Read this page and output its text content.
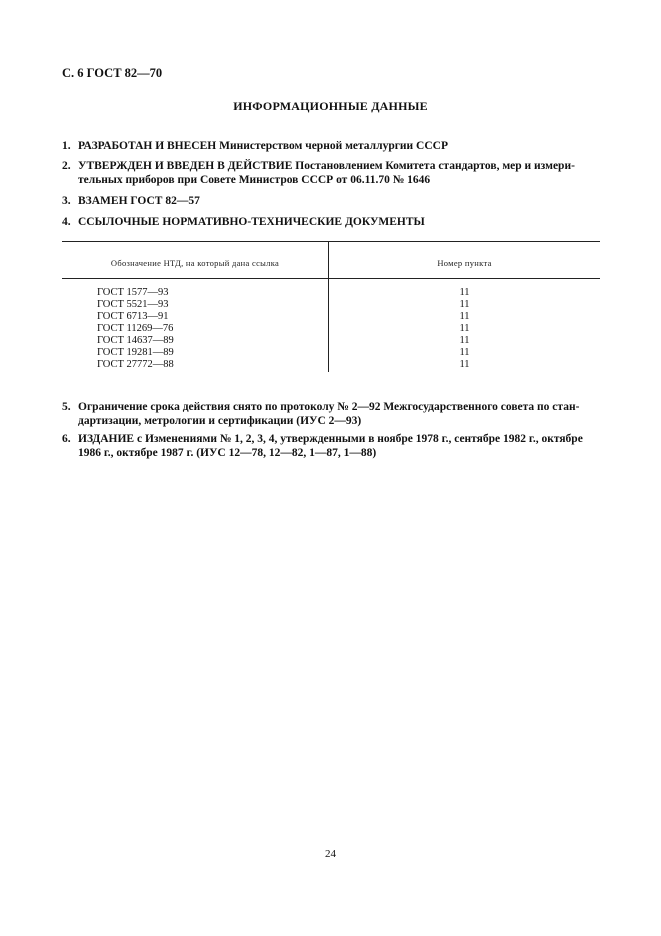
С. 6 ГОСТ 82—70
ИНФОРМАЦИОННЫЕ ДАННЫЕ
1. РАЗРАБОТАН И ВНЕСЕН Министерством черной металлургии СССР
2. УТВЕРЖДЕН И ВВЕДЕН В ДЕЙСТВИЕ Постановлением Комитета стандартов, мер и измери-
тельных приборов при Совете Министров СССР от 06.11.70 № 1646
3. ВЗАМЕН ГОСТ 82—57
4. ССЫЛОЧНЫЕ НОРМАТИВНО-ТЕХНИЧЕСКИЕ ДОКУМЕНТЫ
Обозначение НТД, на который дана ссылка	Номер пункта
ГОСТ 1577—93
ГОСТ 5521—93
ГОСТ 6713—91
ГОСТ 11269—76
ГОСТ 14637—89
ГОСТ 19281—89
ГОСТ 27772—88
11
11
11
11
11
11
11
5. Ограничение срока действия снято по протоколу № 2—92 Межгосударственного совета по стан-
дартизации, метрологии и сертификации (ИУС 2—93)
6. ИЗДАНИЕ с Изменениями № 1, 2, 3, 4, утвержденными в ноябре 1978 г., сентябре 1982 г., октябре
1986 г., октябре 1987 г. (ИУС 12—78, 12—82, 1—87, 1—88)
24
